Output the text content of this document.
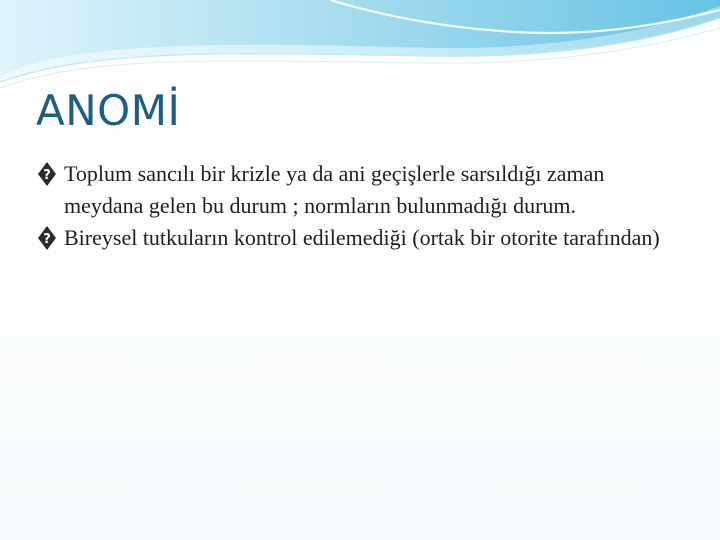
ANOMİ
? Toplum sancılı bir krizle ya da ani geçişlerle sarsıldığı zaman meydana gelen bu durum ; normların bulunmadığı durum.
? Bireysel tutkuların kontrol edilemediği (ortak bir otorite tarafından)
